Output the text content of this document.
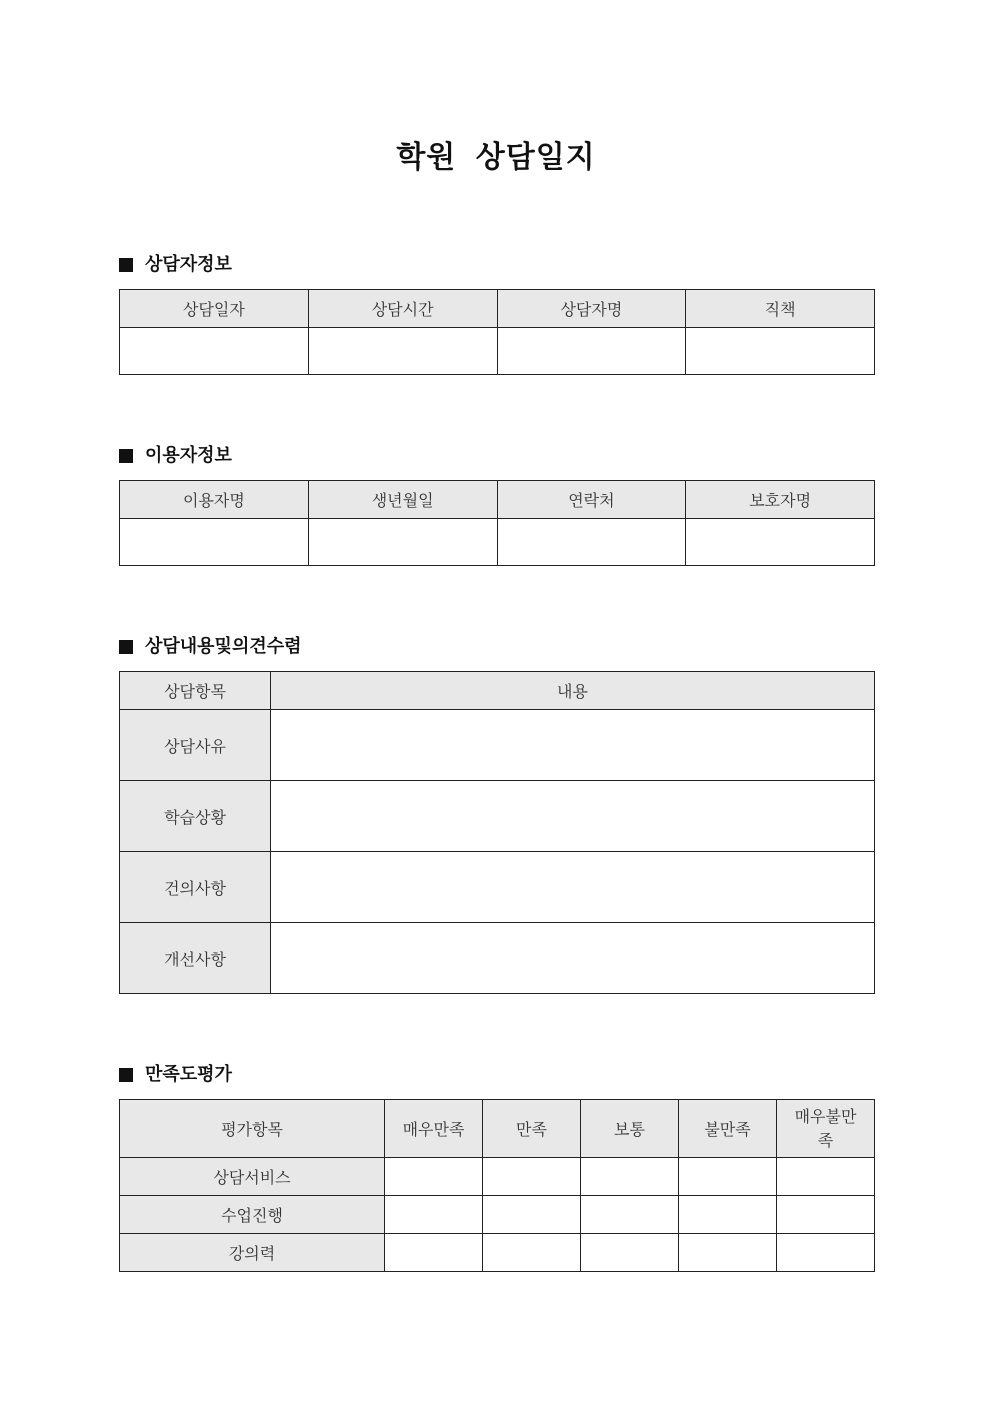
학원 상담일지
상담자정보
상담일자	상담시간	상담자명	직책

이용자정보
이용자명	생년월일	연락처	보호자명

상담내용및의견수렴
상담항목	내용
상담사유	
학습상황	
건의사항	
개선사항	
만족도평가
평가항목	매우만족	만족	보통	불만족	매우불만족
상담서비스					
수업진행					
강의력					
